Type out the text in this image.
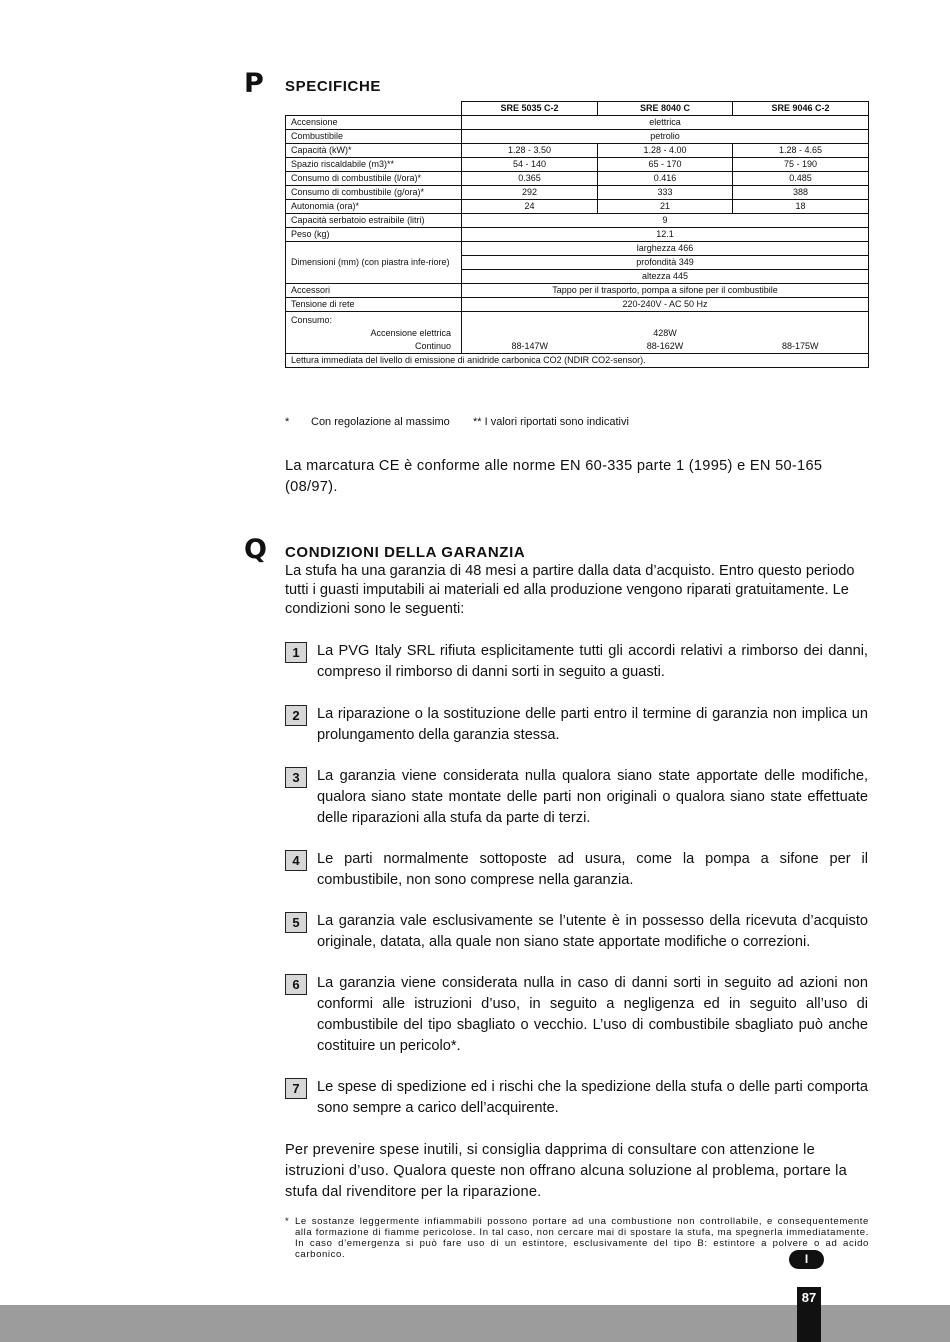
P SPECIFICHE
	SRE 5035 C-2	SRE 8040 C	SRE 9046 C-2
Accensione	elettrica		
Combustibile	petrolio		
Capacità (kW)*	1.28 - 3.50	1.28 - 4.00	1.28 - 4.65
Spazio riscaldabile (m3)**	54 - 140	65 - 170	75 - 190
Consumo di combustibile (l/ora)*	0.365	0.416	0.485
Consumo di combustibile (g/ora)*	292	333	388
Autonomia (ora)*	24	21	18
Capacità serbatoio estraibile (litri)	9		
Peso (kg)	12.1		
Dimensioni (mm) (con piastra infe-riore)	larghezza 466		
	profondità 349		
	altezza 445		
Accessori	Tappo per il trasporto, pompa a sifone per il combustibile		
Tensione di rete	220-240V - AC 50 Hz		
Consumo:			
Accensione elettrica	428W		
Continuo	88-147W	88-162W	88-175W
Lettura immediata del livello di emissione di anidride carbonica CO2 (NDIR CO2-sensor).			
* Con regolazione al massimo ** I valori riportati sono indicativi
La marcatura CE è conforme alle norme EN 60-335 parte 1 (1995) e EN 50-165 (08/97).
Q CONDIZIONI DELLA GARANZIA
La stufa ha una garanzia di 48 mesi a partire dalla data d’acquisto. Entro questo periodo tutti i guasti imputabili ai materiali ed alla produzione vengono riparati gratuitamente. Le condizioni sono le seguenti:
1	La PVG Italy SRL rifiuta esplicitamente tutti gli accordi relativi a rimborso dei danni, compreso il rimborso di danni sorti in seguito a guasti.
2	La riparazione o la sostituzione delle parti entro il termine di garanzia non implica un prolungamento della garanzia stessa.
3	La garanzia viene considerata nulla qualora siano state apportate delle modifiche, qualora siano state montate delle parti non originali o qualora siano state effettuate delle riparazioni alla stufa da parte di terzi.
4	Le parti normalmente sottoposte ad usura, come la pompa a sifone per il combustibile, non sono comprese nella garanzia.
5	La garanzia vale esclusivamente se l’utente è in possesso della ricevuta d’acquisto originale, datata, alla quale non siano state apportate modifiche o correzioni.
6	La garanzia viene considerata nulla in caso di danni sorti in seguito ad azioni non conformi alle istruzioni d’uso, in seguito a negligenza ed in seguito all’uso di combustibile del tipo sbagliato o vecchio. L’uso di combustibile sbagliato può anche costituire un pericolo*.
7	Le spese di spedizione ed i rischi che la spedizione della stufa o delle parti comporta sono sempre a carico dell’acquirente.
Per prevenire spese inutili, si consiglia dapprima di consultare con attenzione le istruzioni d’uso. Qualora queste non offrano alcuna soluzione al problema, portare la stufa dal rivenditore per la riparazione.
* Le sostanze leggermente infiammabili possono portare ad una combustione non controllabile, e consequentemente alla formazione di fiamme pericolose. In tal caso, non cercare mai di spostare la stufa, ma spegnerla immediatamente. In caso d’emergenza si può fare uso di un estintore, esclusivamente del tipo B: estintore a polvere o ad acido carbonico.	I
87
